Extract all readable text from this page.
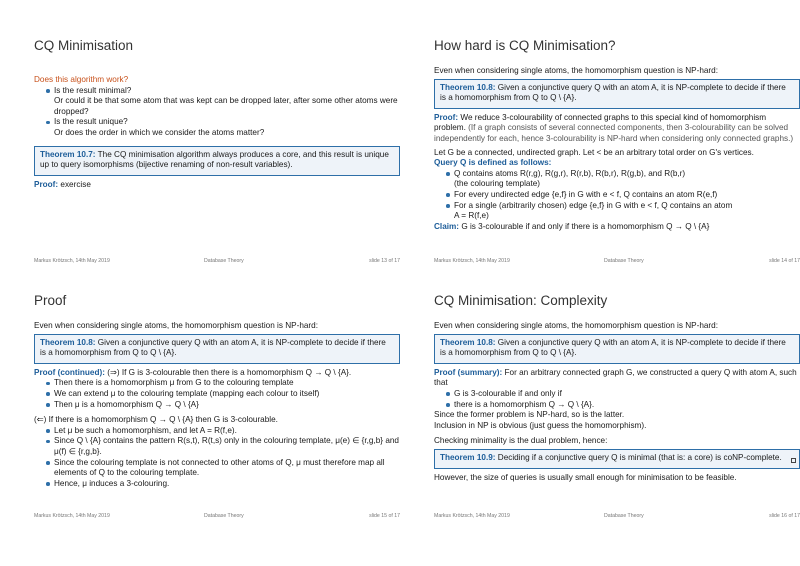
CQ Minimisation

Does this algorithm work?

Is the result minimal?
Or could it be that some atom that was kept can be dropped later, after some other atoms were dropped?
Is the result unique?
Or does the order in which we consider the atoms matter?
Theorem 10.7: The CQ minimisation algorithm always produces a core, and this result is unique up to query isomorphisms (bijective renaming of non-result variables).

Proof: exercise

Markus Krötzsch, 14th May 2019	Database Theory	slide 13 of 17
How hard is CQ Minimisation?

Even when considering single atoms, the homomorphism question is NP-hard:

Theorem 10.8: Given a conjunctive query Q with an atom A, it is NP-complete to decide if there is a homomorphism from Q to Q \ {A}.

Proof: We reduce 3-colourability of connected graphs to this special kind of homomorphism problem. (If a graph consists of several connected components, then 3-colourability can be solved independently for each, hence 3-colourability is NP-hard when considering only connected graphs.)

Let G be a connected, undirected graph. Let < be an arbitrary total order on G's vertices.

Query Q is defined as follows:

Q contains atoms R(r,g), R(g,r), R(r,b), R(b,r), R(g,b), and R(b,r)
(the colouring template)
For every undirected edge {e,f} in G with e < f, Q contains an atom R(e,f)
For a single (arbitrarily chosen) edge {e,f} in G with e < f, Q contains an atom
A = R(f,e)

Claim: G is 3-colourable if and only if there is a homomorphism Q → Q \ {A}

Markus Krötzsch, 14th May 2019	Database Theory	slide 14 of 17
Proof

Even when considering single atoms, the homomorphism question is NP-hard:

Theorem 10.8: Given a conjunctive query Q with an atom A, it is NP-complete to decide if there is a homomorphism from Q to Q \ {A}.

Proof (continued): (⇒) If G is 3-colourable then there is a homomorphism Q → Q \ {A}.

Then there is a homomorphism μ from G to the colouring template
We can extend μ to the colouring template (mapping each colour to itself)
Then μ is a homomorphism Q → Q \ {A}

(⇐) If there is a homomorphism Q → Q \ {A} then G is 3-colourable.

Let μ be such a homomorphism, and let A = R(f,e).
Since Q \ {A} contains the pattern R(s,t), R(t,s) only in the colouring template, μ(e) ∈ {r,g,b} and μ(f) ∈ {r,g,b}.
Since the colouring template is not connected to other atoms of Q, μ must therefore map all elements of Q to the colouring template.
Hence, μ induces a 3-colouring.
Markus Krötzsch, 14th May 2019	Database Theory	slide 15 of 17
CQ Minimisation: Complexity

Even when considering single atoms, the homomorphism question is NP-hard:

Theorem 10.8: Given a conjunctive query Q with an atom A, it is NP-complete to decide if there is a homomorphism from Q to Q \ {A}.

Proof (summary): For an arbitrary connected graph G, we constructed a query Q with atom A, such that

G is 3-colourable if and only if
there is a homomorphism Q → Q \ {A}.

Since the former problem is NP-hard, so is the latter.

Inclusion in NP is obvious (just guess the homomorphism).

Checking minimality is the dual problem, hence:

Theorem 10.9: Deciding if a conjunctive query Q is minimal (that is: a core) is coNP-complete.

However, the size of queries is usually small enough for minimisation to be feasible.

Markus Krötzsch, 14th May 2019	Database Theory	slide 16 of 17
